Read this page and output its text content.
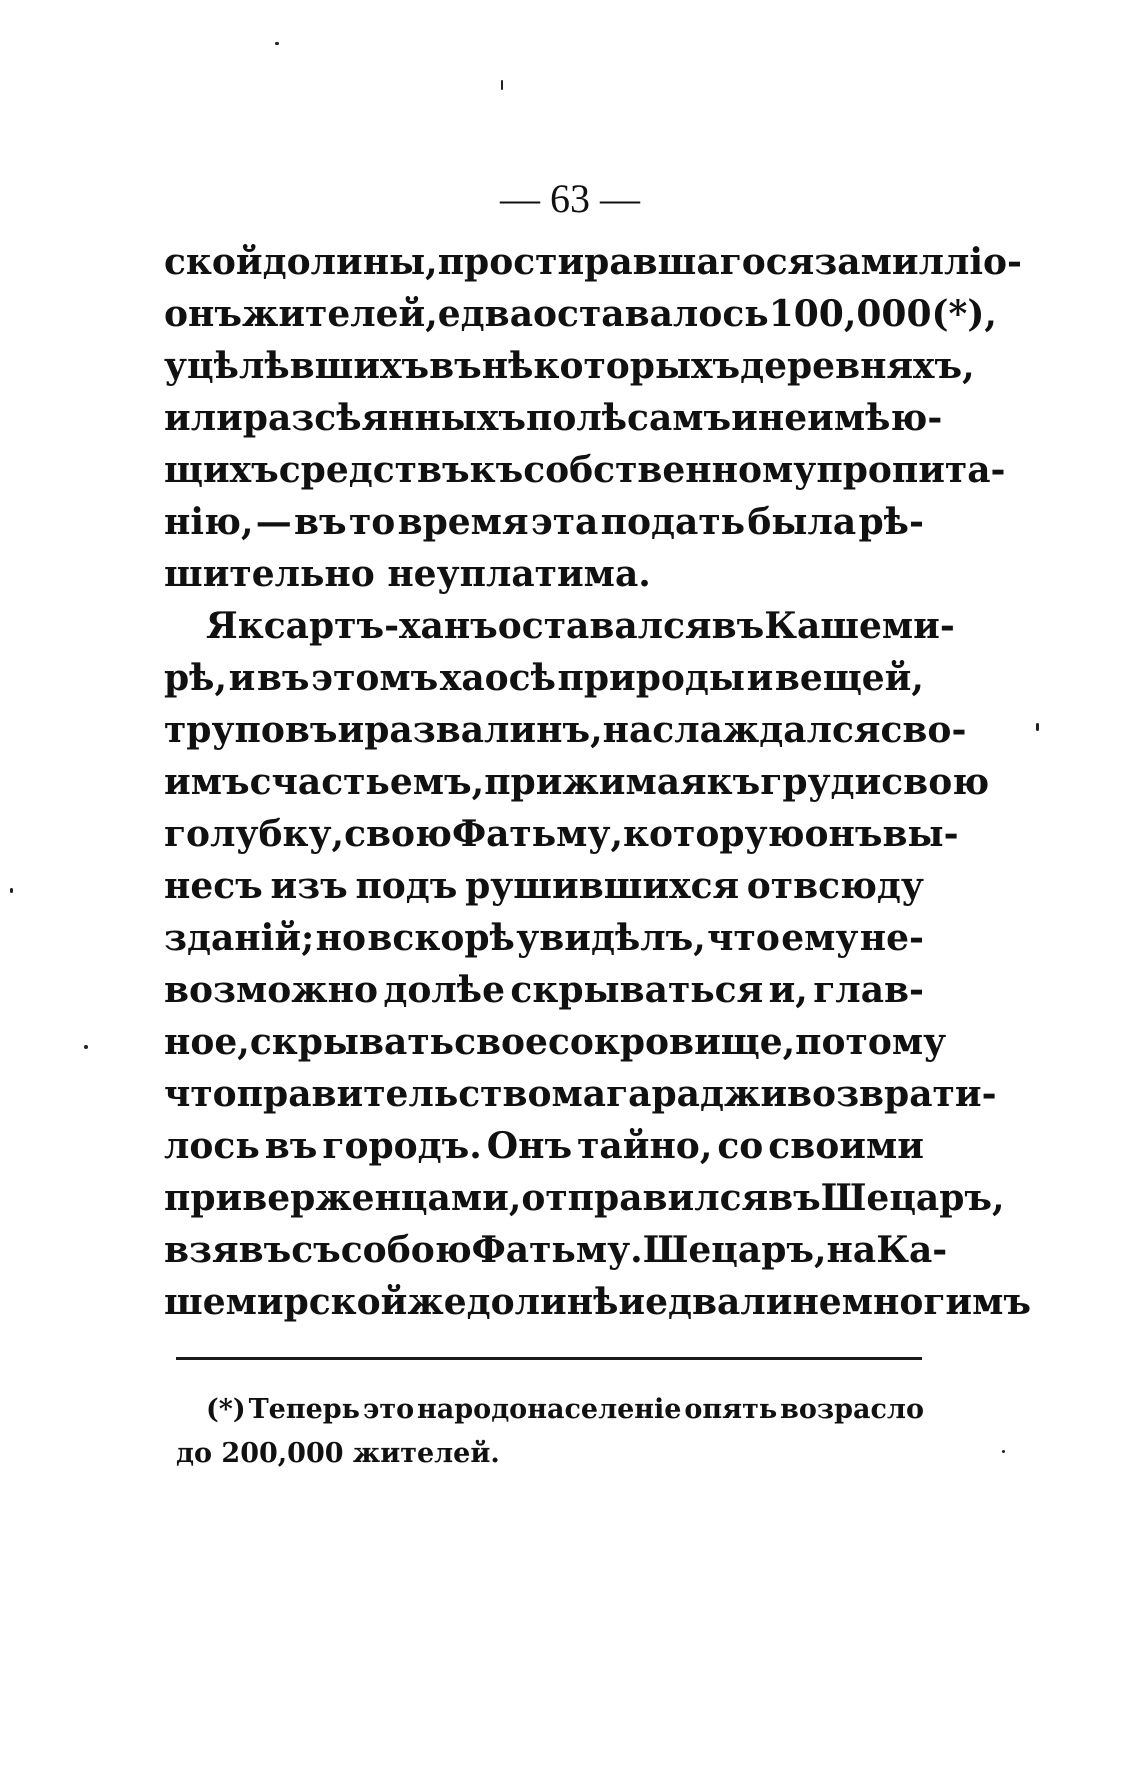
— 63 —
ской долины, простиравшагося за милліо-
онъ жителей, едва оставалось 100,000 (*),
уцѣлѣвшихъ въ нѣкоторыхъ деревняхъ,
или разсѣянныхъ по лѣсамъ и не имѣю-
щихъ средствъ къ собственному пропита-
нію, — въ то время эта подать была рѣ-
шительно неуплатима.
Яксартъ-ханъ оставался въ Кашеми-
рѣ, и въ этомъ хаосѣ природы и вещей,
труповъ и развалинъ, наслаждался сво-
имъ счастьемъ, прижимая къ груди свою
голубку, свою Фатьму, которую онъ вы-
несъ изъ подъ рушившихся отвсюду
зданій; но вскорѣ увидѣлъ, что ему не-
возможно долѣе скрываться и, глав-
ное, скрывать свое сокровище, потому
что правительство магараджи возврати-
лось въ городъ. Онъ тайно, со своими
приверженцами, отправился въ Шецаръ,
взявъ съ собою Фатьму. Шецаръ, на Ка-
шемирской же долинѣ и едвали немногимъ
(*) Теперь это народонаселеніе опять возрасло
до 200,000 жителей.
